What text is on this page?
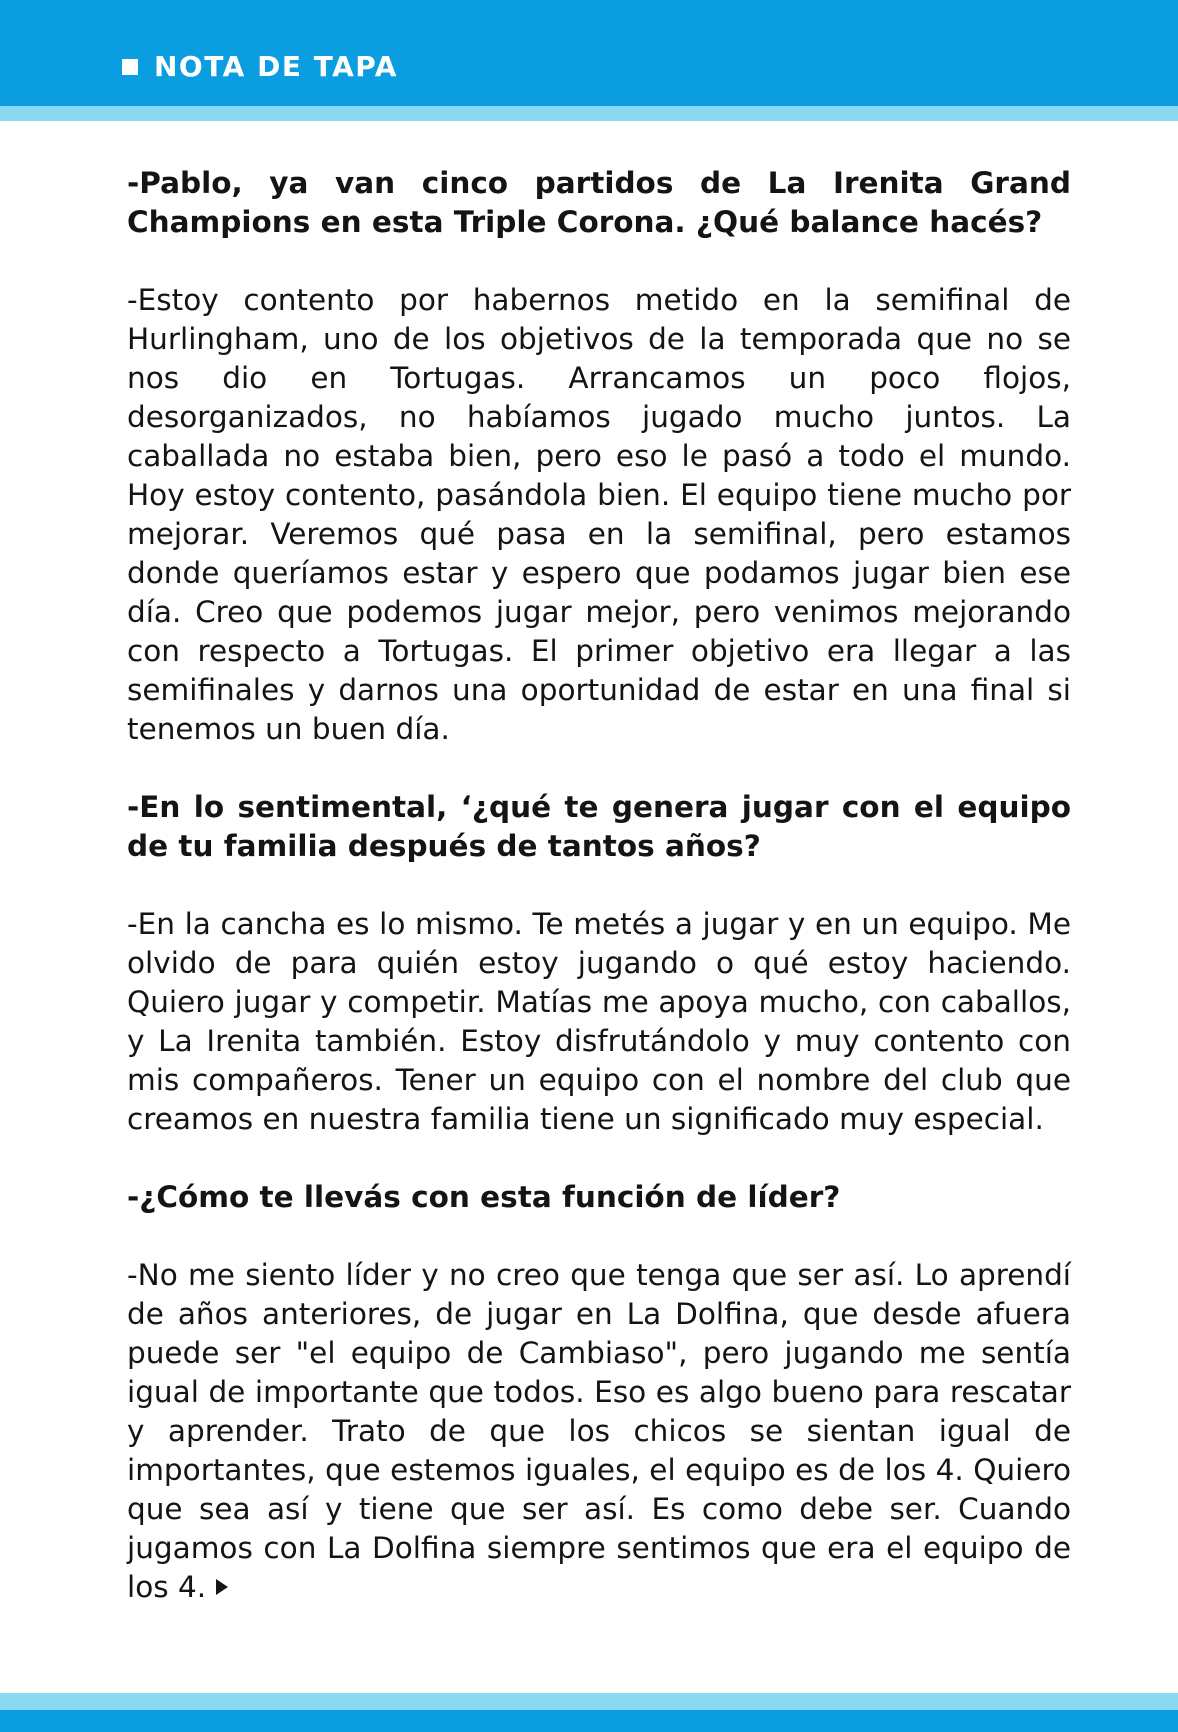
NOTA DE TAPA

-Pablo, ya van cinco partidos de La Irenita Grand Champions en esta Triple Corona. ¿Qué balance hacés?

-Estoy contento por habernos metido en la semifinal de Hurlingham, uno de los objetivos de la temporada que no se nos dio en Tortugas. Arrancamos un poco flojos, desorganizados, no habíamos jugado mucho juntos. La caballada no estaba bien, pero eso le pasó a todo el mundo. Hoy estoy contento, pasándola bien. El equipo tiene mucho por mejorar. Veremos qué pasa en la semifinal, pero estamos donde queríamos estar y espero que podamos jugar bien ese día. Creo que podemos jugar mejor, pero venimos mejorando con respecto a Tortugas. El primer objetivo era llegar a las semifinales y darnos una oportunidad de estar en una final si tenemos un buen día.

-En lo sentimental, ‘¿qué te genera jugar con el equipo de tu familia después de tantos años?

-En la cancha es lo mismo. Te metés a jugar y en un equipo. Me olvido de para quién estoy jugando o qué estoy haciendo. Quiero jugar y competir. Matías me apoya mucho, con caballos, y La Irenita también. Estoy disfrutándolo y muy contento con mis compañeros. Tener un equipo con el nombre del club que creamos en nuestra familia tiene un significado muy especial.

-¿Cómo te llevás con esta función de líder?

-No me siento líder y no creo que tenga que ser así. Lo aprendí de años anteriores, de jugar en La Dolfina, que desde afuera puede ser "el equipo de Cambiaso", pero jugando me sentía igual de importante que todos. Eso es algo bueno para rescatar y aprender. Trato de que los chicos se sientan igual de importantes, que estemos iguales, el equipo es de los 4. Quiero que sea así y tiene que ser así. Es como debe ser. Cuando jugamos con La Dolfina siempre sentimos que era el equipo de los 4.
